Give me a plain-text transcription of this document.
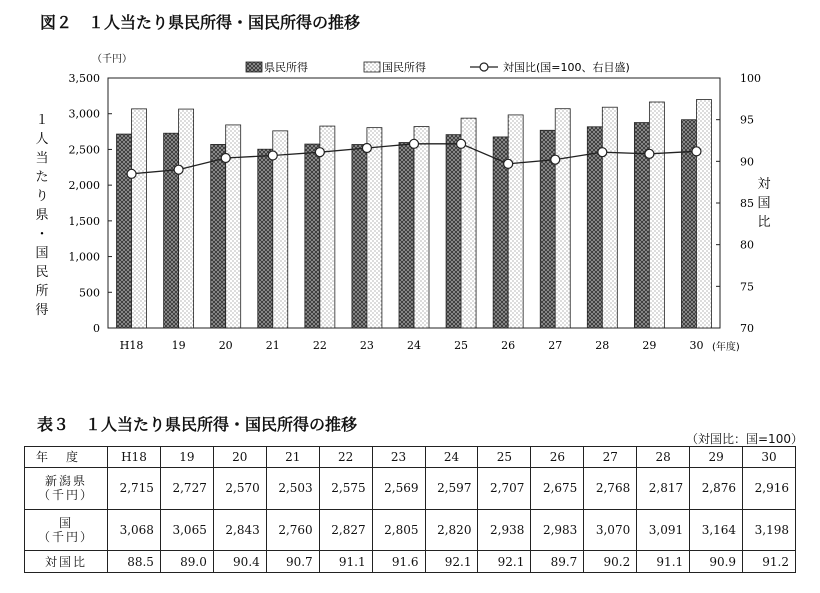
図２　１人当たり県民所得・国民所得の推移
（千円）
１人当たり県・国民所得
対国比
(年度)
0
500
1,000
1,500
2,000
2,500
3,000
3,500
70
75
80
85
90
95
100
H18	19	20	21	22	23	24	25	26	27	28	29	30
県民所得	国民所得	対国比(国=100、右目盛)
表３　１人当たり県民所得・国民所得の推移
（対国比：国=100）
年度	H18	19	20	21	22	23	24	25	26	27	28	29	30
新潟県
（千円）	2,715	2,727	2,570	2,503	2,575	2,569	2,597	2,707	2,675	2,768	2,817	2,876	2,916
国
（千円）	3,068	3,065	2,843	2,760	2,827	2,805	2,820	2,938	2,983	3,070	3,091	3,164	3,198
対国比	88.5	89.0	90.4	90.7	91.1	91.6	92.1	92.1	89.7	90.2	91.1	90.9	91.2
